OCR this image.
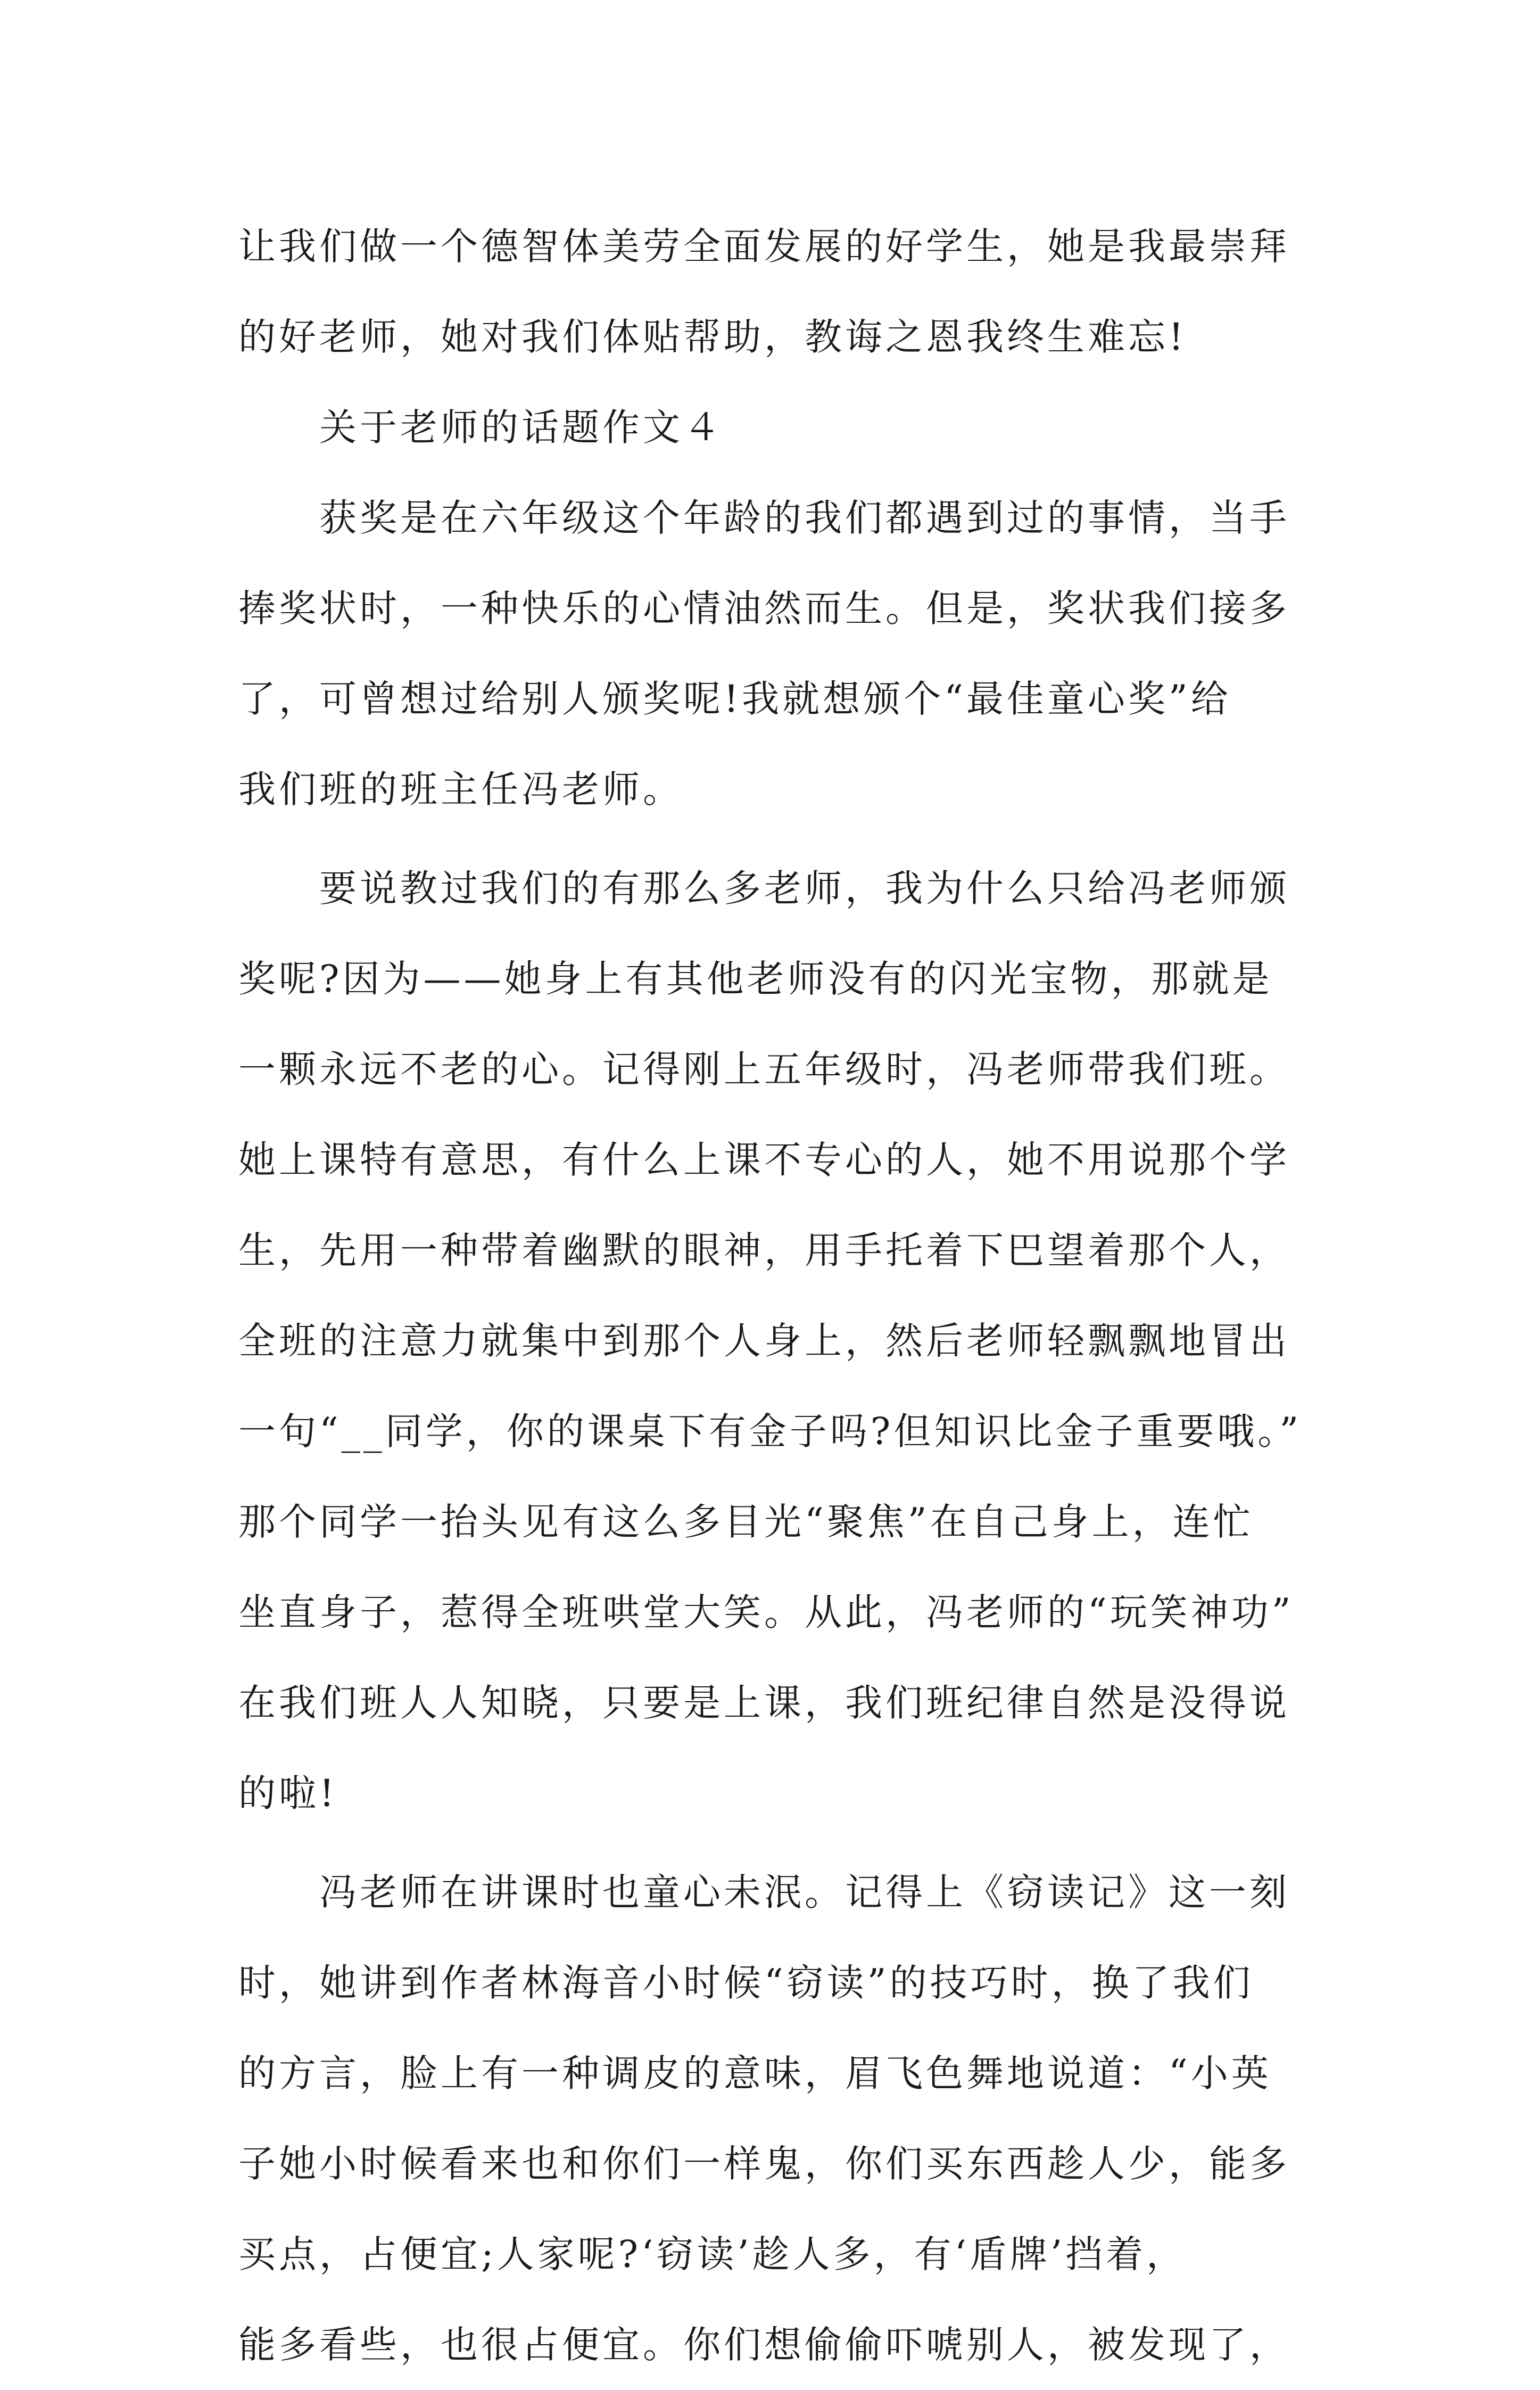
让我们做一个德智体美劳全面发展的好学生，她是我最崇拜
的好老师，她对我们体贴帮助，教诲之恩我终生难忘!
　　关于老师的话题作文４
　　获奖是在六年级这个年龄的我们都遇到过的事情，当手
捧奖状时，一种快乐的心情油然而生。但是，奖状我们接多
了，可曾想过给别人颁奖呢!我就想颁个“最佳童心奖”给
我们班的班主任冯老师。
　　要说教过我们的有那么多老师，我为什么只给冯老师颁
奖呢?因为——她身上有其他老师没有的闪光宝物，那就是
一颗永远不老的心。记得刚上五年级时，冯老师带我们班。
她上课特有意思，有什么上课不专心的人，她不用说那个学
生，先用一种带着幽默的眼神，用手托着下巴望着那个人，
全班的注意力就集中到那个人身上，然后老师轻飘飘地冒出
一句“__同学，你的课桌下有金子吗?但知识比金子重要哦。”
那个同学一抬头见有这么多目光“聚焦”在自己身上，连忙
坐直身子，惹得全班哄堂大笑。从此，冯老师的“玩笑神功”
在我们班人人知晓，只要是上课，我们班纪律自然是没得说
的啦!
　　冯老师在讲课时也童心未泯。记得上《窃读记》这一刻
时，她讲到作者林海音小时候“窃读”的技巧时，换了我们
的方言，脸上有一种调皮的意味，眉飞色舞地说道：“小英
子她小时候看来也和你们一样鬼，你们买东西趁人少，能多
买点，占便宜;人家呢?‘窃读’趁人多，有‘盾牌’挡着，
能多看些，也很占便宜。你们想偷偷吓唬别人，被发现了，
